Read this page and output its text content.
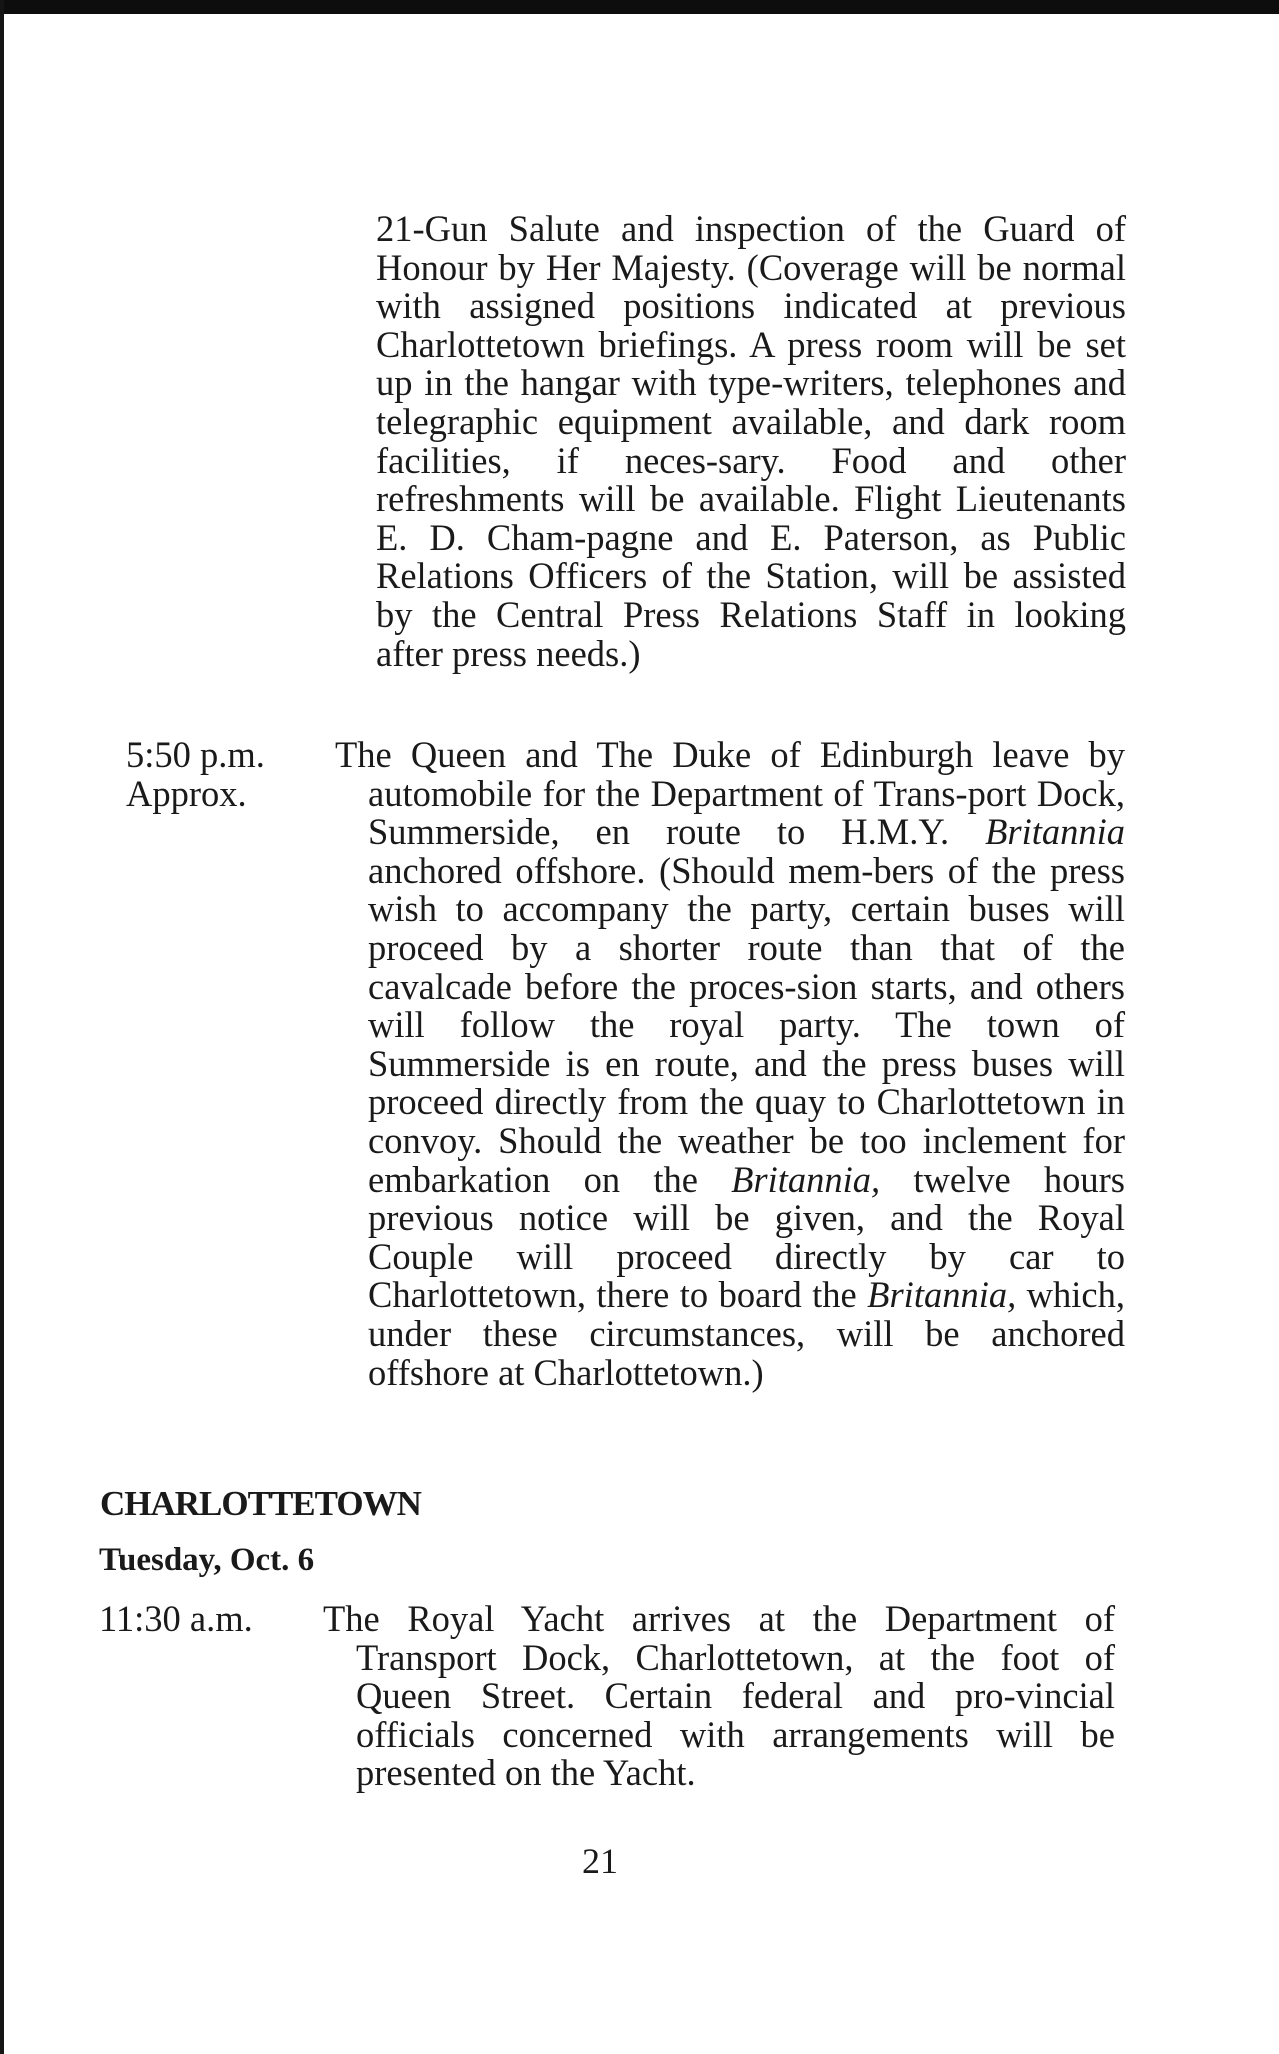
21-Gun Salute and inspection of the Guard of Honour by Her Majesty. (Coverage will be normal with assigned positions indicated at previous Charlottetown briefings. A press room will be set up in the hangar with type-writers, telephones and telegraphic equipment available, and dark room facilities, if neces-sary. Food and other refreshments will be available. Flight Lieutenants E. D. Cham-pagne and E. Paterson, as Public Relations Officers of the Station, will be assisted by the Central Press Relations Staff in looking after press needs.)
5:50 p.m.
Approx.
The Queen and The Duke of Edinburgh leave by automobile for the Department of Trans-port Dock, Summerside, en route to H.M.Y. Britannia anchored offshore. (Should mem-bers of the press wish to accompany the party, certain buses will proceed by a shorter route than that of the cavalcade before the proces-sion starts, and others will follow the royal party. The town of Summerside is en route, and the press buses will proceed directly from the quay to Charlottetown in convoy. Should the weather be too inclement for embarkation on the Britannia, twelve hours previous notice will be given, and the Royal Couple will proceed directly by car to Charlottetown, there to board the Britannia, which, under these circumstances, will be anchored offshore at Charlottetown.)
CHARLOTTETOWN
Tuesday, Oct. 6
11:30 a.m. The Royal Yacht arrives at the Department of Transport Dock, Charlottetown, at the foot of Queen Street. Certain federal and pro-vincial officials concerned with arrangements will be presented on the Yacht.
21
